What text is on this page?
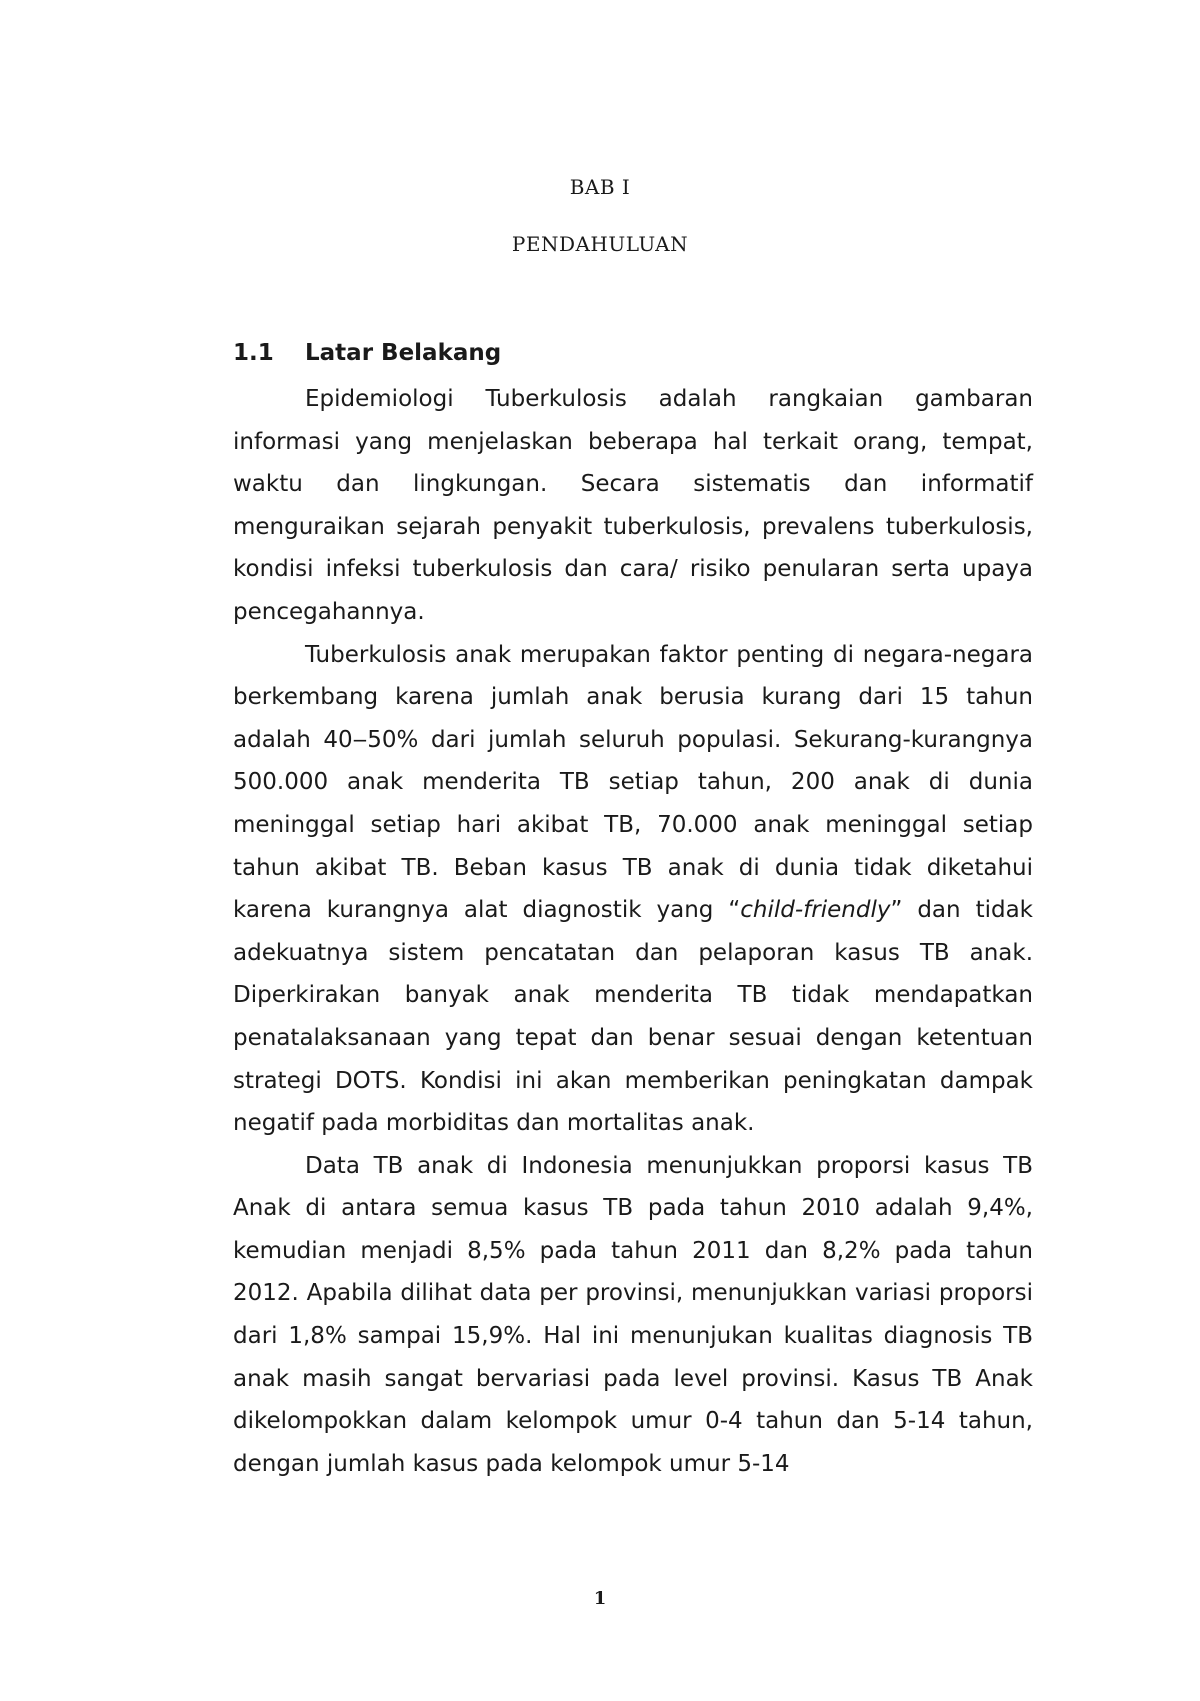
BAB I
PENDAHULUAN
1.1 Latar Belakang

Epidemiologi Tuberkulosis adalah rangkaian gambaran informasi yang menjelaskan beberapa hal terkait orang, tempat, waktu dan lingkungan. Secara sistematis dan informatif menguraikan sejarah penyakit tuberkulosis, prevalens tuberkulosis, kondisi infeksi tuberkulosis dan cara/ risiko penularan serta upaya pencegahannya.

Tuberkulosis anak merupakan faktor penting di negara-negara berkembang karena jumlah anak berusia kurang dari 15 tahun adalah 40‒50% dari jumlah seluruh populasi. Sekurang-kurangnya 500.000 anak menderita TB setiap tahun, 200 anak di dunia meninggal setiap hari akibat TB, 70.000 anak meninggal setiap tahun akibat TB. Beban kasus TB anak di dunia tidak diketahui karena kurangnya alat diagnostik yang “child-friendly” dan tidak adekuatnya sistem pencatatan dan pelaporan kasus TB anak. Diperkirakan banyak anak menderita TB tidak mendapatkan penatalaksanaan yang tepat dan benar sesuai dengan ketentuan strategi DOTS. Kondisi ini akan memberikan peningkatan dampak negatif pada morbiditas dan mortalitas anak.

Data TB anak di Indonesia menunjukkan proporsi kasus TB Anak di antara semua kasus TB pada tahun 2010 adalah 9,4%, kemudian menjadi 8,5% pada tahun 2011 dan 8,2% pada tahun 2012. Apabila dilihat data per provinsi, menunjukkan variasi proporsi dari 1,8% sampai 15,9%. Hal ini menunjukan kualitas diagnosis TB anak masih sangat bervariasi pada level provinsi. Kasus TB Anak dikelompokkan dalam kelompok umur 0-4 tahun dan 5-14 tahun, dengan jumlah kasus pada kelompok umur 5-14

1
